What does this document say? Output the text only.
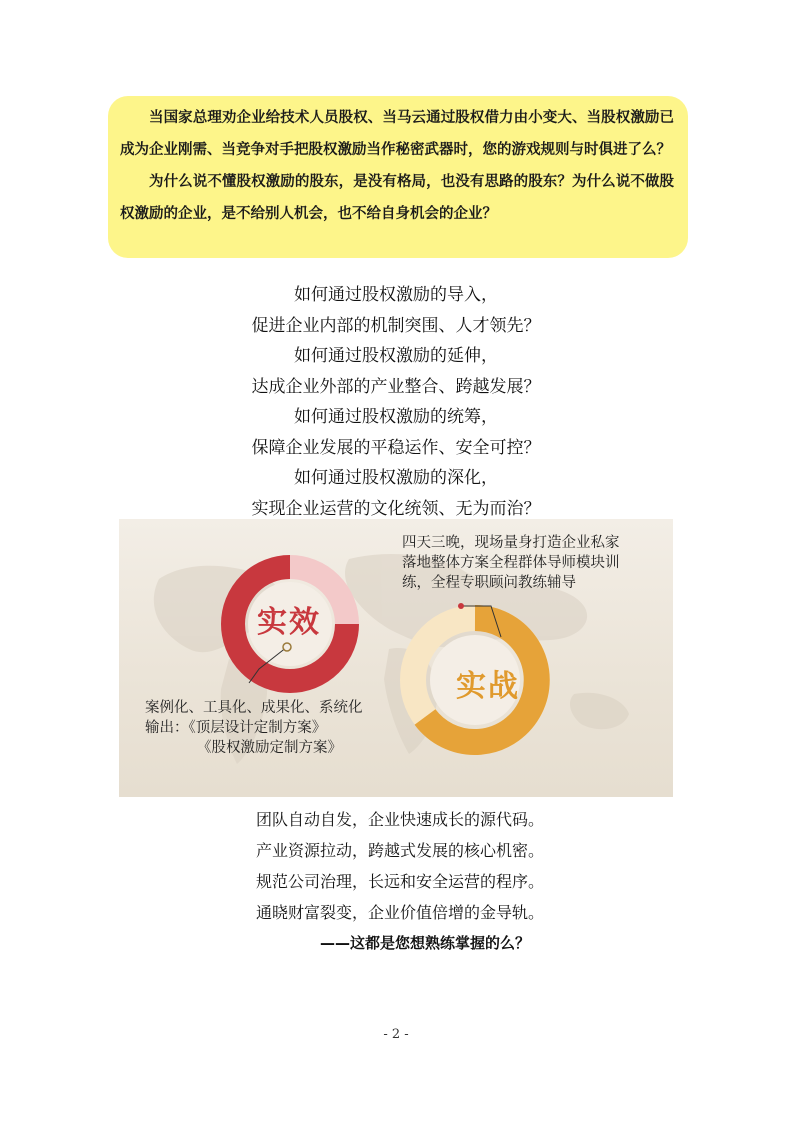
当国家总理劝企业给技术人员股权、当马云通过股权借力由小变大、当股权激励已成为企业刚需、当竞争对手把股权激励当作秘密武器时，您的游戏规则与时俱进了么？

为什么说不懂股权激励的股东，是没有格局，也没有思路的股东？为什么说不做股权激励的企业，是不给别人机会，也不给自身机会的企业？

如何通过股权激励的导入，
促进企业内部的机制突围、人才领先？
如何通过股权激励的延伸，
达成企业外部的产业整合、跨越发展？
如何通过股权激励的统筹，
保障企业发展的平稳运作、安全可控？
如何通过股权激励的深化，
实现企业运营的文化统领、无为而治？
实效
实战
四天三晚，现场量身打造企业私家
落地整体方案全程群体导师模块训
练，全程专职顾问教练辅导
案例化、工具化、成果化、系统化
输出：《顶层设计定制方案》
《股权激励定制方案》
团队自动自发，企业快速成长的源代码。
产业资源拉动，跨越式发展的核心机密。
规范公司治理，长远和安全运营的程序。
通晓财富裂变，企业价值倍增的金导轨。
——这都是您想熟练掌握的么？
- 2 -
